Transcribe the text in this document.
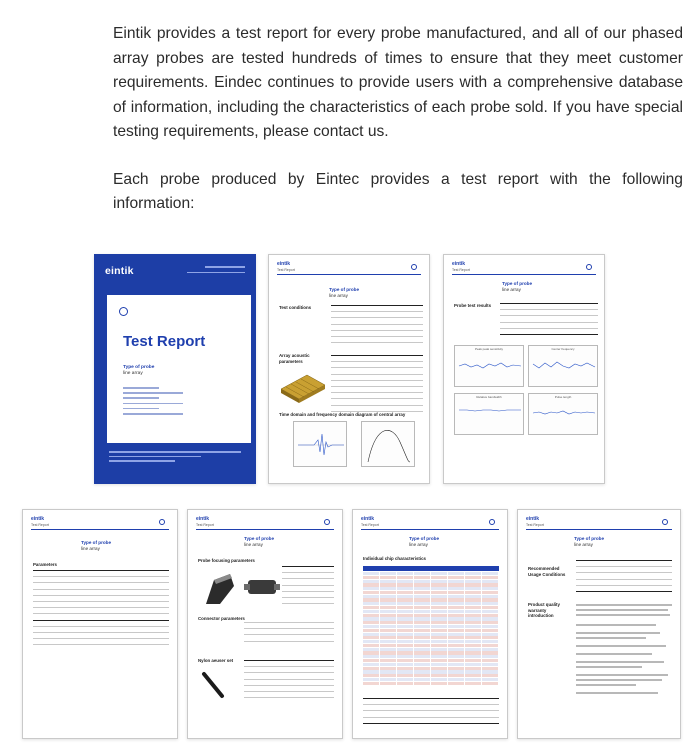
Eintik provides a test report for every probe manufactured, and all of our phased array probes are tested hundreds of times to ensure that they meet customer requirements. Eindec continues to provide users with a comprehensive database of information, including the characteristics of each probe sold. If you have special testing requirements, please contact us.

Each probe produced by Eintec provides a test report with the following information:

eintik
Test Report
Type of probe
line array
eintik
Test Report
Type of probe
line array
Test conditions
Array acoustic parameters
Time domain and frequency domain diagram of central array
eintik
Test Report
Type of probe
line array
Probe test results
Peak peak sensitivity	Center frequency
Relative bandwidth	Pulse length
eintik
Test Report
Type of probe
line array
Parameters
eintik
Test Report
Type of probe
line array
Probe focusing parameters
Connector parameters
Nylon aeuser set
eintik
Test Report
Type of probe
line array
Individual chip characteristics
eintik
Test Report
Type of probe
line array
Recommended Usage Conditions
Product quality warranty introduction
